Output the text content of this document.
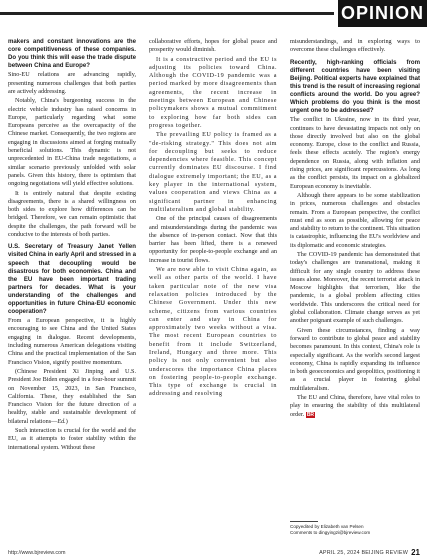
OPINION

makers and constant innovations are the core competitiveness of these companies. Do you think this will ease the trade dispute between China and Europe?

Sino-EU relations are advancing rapidly, presenting numerous challenges that both parties are actively addressing.

Notably, China's burgeoning success in the electric vehicle industry has raised concerns in Europe, particularly regarding what some Europeans perceive as the overcapacity of the Chinese market. Consequently, the two regions are engaging in discussions aimed at forging mutually beneficial solutions. This dynamic is not unprecedented in EU-China trade negotiations, a similar scenario previously unfolded with solar panels. Given this history, there is optimism that ongoing negotiations will yield effective solutions.

It is entirely natural that despite existing disagreements, there is a shared willingness on both sides to explore how differences can be bridged. Therefore, we can remain optimistic that despite the challenges, the path forward will be conducive to the interests of both parties.

U.S. Secretary of Treasury Janet Yellen visited China in early April and stressed in a speech that decoupling would be disastrous for both economies. China and the EU have been important trading partners for decades. What is your understanding of the challenges and opportunities in future China-EU economic cooperation?

From a European perspective, it is highly encouraging to see China and the United States engaging in dialogue. Recent developments, including numerous American delegations visiting China and the practical implementation of the San Francisco Vision, signify positive momentum.

(Chinese President Xi Jinping and U.S. President Joe Biden engaged in a four-hour summit on November 15, 2023, in San Francisco, California. These, they established the San Francisco Vision for the future direction of a healthy, stable and sustainable development of bilateral relations—Ed.)

Such interaction is crucial for the world and the EU, as it attempts to foster stability within the international system. Without these

collaborative efforts, hopes for global peace and prosperity would diminish.

It is a constructive period and the EU is adjusting its policies toward China. Although the COVID-19 pandemic was a period marked by more disagreements than agreements, the recent increase in meetings between European and Chinese policymakers shows a mutual commitment to exploring how far both sides can progress together.

The prevailing EU policy is framed as a "de-risking strategy." This does not aim for decoupling but seeks to reduce dependencies where feasible. This concept currently dominates EU discourse. I find dialogue extremely important; the EU, as a key player in the international system, values cooperation and views China as a significant partner in enhancing multilateralism and global stability.

One of the principal causes of disagreements and misunderstandings during the pandemic was the absence of in-person contact. Now that this barrier has been lifted, there is a renewed opportunity for people-to-people exchange and an increase in tourist flows.

We are now able to visit China again, as well as other parts of the world. I have taken particular note of the new visa relaxation policies introduced by the Chinese Government. Under this new scheme, citizens from various countries can enter and stay in China for approximately two weeks without a visa. The most recent European countries to benefit from it include Switzerland, Ireland, Hungary and three more. This policy is not only convenient but also underscores the importance China places on fostering people-to-people exchange. This type of exchange is crucial in addressing and resolving

misunderstandings, and in exploring ways to overcome these challenges effectively.

Recently, high-ranking officials from different countries have been visiting Beijing. Political experts have explained that this trend is the result of increasing regional conflicts around the world. Do you agree? Which problems do you think is the most urgent one to be addressed?

The conflict in Ukraine, now in its third year, continues to have devastating impacts not only on those directly involved but also on the global economy. Europe, close to the conflict and Russia, feels these effects acutely. The region's energy dependence on Russia, along with inflation and rising prices, are significant repercussions. As long as the conflict persists, its impact on a globalized European economy is inevitable.

Although there appears to be some stabilization in prices, numerous challenges and obstacles remain. From a European perspective, the conflict must end as soon as possible, allowing for peace and stability to return to the continent. This situation is catastrophic, influencing the EU's worldview and its diplomatic and economic strategies.

The COVID-19 pandemic has demonstrated that today's challenges are transnational, making it difficult for any single country to address these issues alone. Moreover, the recent terrorist attack in Moscow highlights that terrorism, like the pandemic, is a global problem affecting cities worldwide. This underscores the critical need for global collaboration. Climate change serves as yet another poignant example of such challenges.

Given these circumstances, finding a way forward to contribute to global peace and stability becomes paramount. In this context, China's role is especially significant. As the world's second largest economy, China is rapidly expanding its influence in both geoeconomics and geopolitics, positioning it as a crucial player in fostering global multilateralism.

The EU and China, therefore, have vital roles to play in ensuring the stability of this multilateral order. BR

Copyedited by Elizabeth van Pelsen
Comments to dingyingzi@bjreview.com
http://www.bjreview.com	APRIL 25, 2024 BEIJING REVIEW 21
